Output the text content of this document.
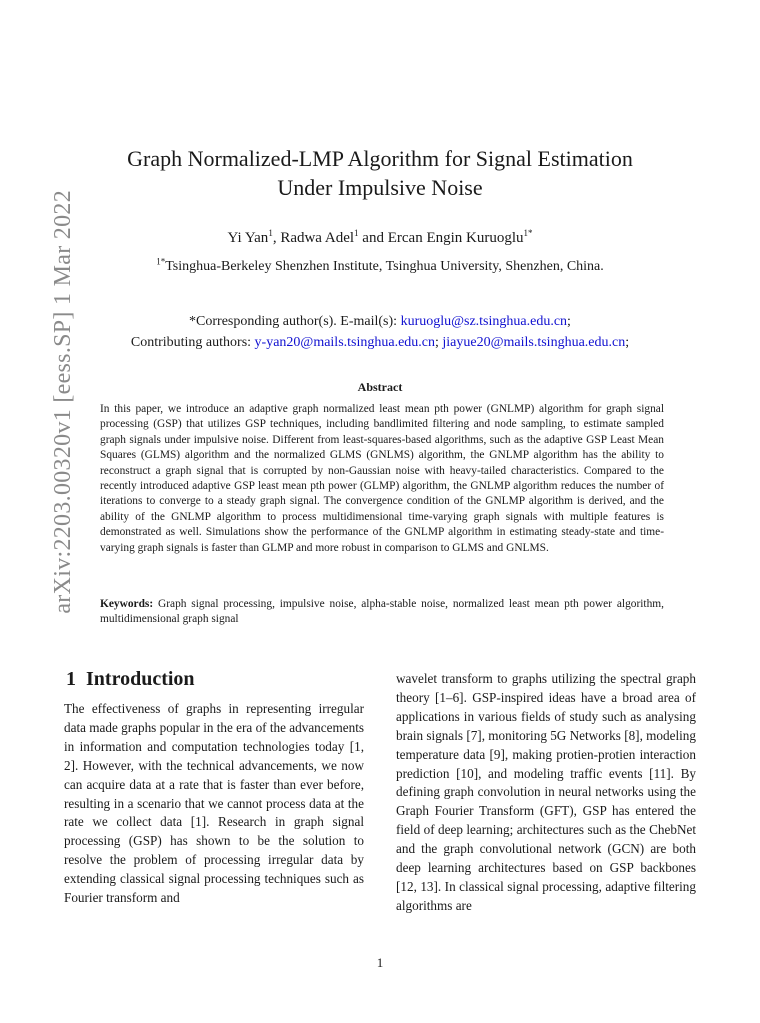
arXiv:2203.00320v1 [eess.SP] 1 Mar 2022
Graph Normalized-LMP Algorithm for Signal Estimation
Under Impulsive Noise
Yi Yan$^1$, Radwa Adel$^1$ and Ercan Engin Kuruoglu$^{1*}$
$^{1*}$Tsinghua-Berkeley Shenzhen Institute, Tsinghua University, Shenzhen, China.
*Corresponding author(s). E-mail(s): kuruoglu@sz.tsinghua.edu.cn;
Contributing authors: y-yan20@mails.tsinghua.edu.cn; jiayue20@mails.tsinghua.edu.cn;
Abstract
In this paper, we introduce an adaptive graph normalized least mean pth power (GNLMP) algorithm for graph signal processing (GSP) that utilizes GSP techniques, including bandlimited filtering and node sampling, to estimate sampled graph signals under impulsive noise. Different from least-squares-based algorithms, such as the adaptive GSP Least Mean Squares (GLMS) algorithm and the normalized GLMS (GNLMS) algorithm, the GNLMP algorithm has the ability to reconstruct a graph signal that is corrupted by non-Gaussian noise with heavy-tailed characteristics. Compared to the recently introduced adaptive GSP least mean pth power (GLMP) algorithm, the GNLMP algorithm reduces the number of iterations to converge to a steady graph signal. The convergence condition of the GNLMP algorithm is derived, and the ability of the GNLMP algorithm to process multidimensional time-varying graph signals with multiple features is demonstrated as well. Simulations show the performance of the GNLMP algorithm in estimating steady-state and time-varying graph signals is faster than GLMP and more robust in comparison to GLMS and GNLMS.
Keywords: Graph signal processing, impulsive noise, alpha-stable noise, normalized least mean pth power algorithm, multidimensional graph signal
1 Introduction
The effectiveness of graphs in representing irregular data made graphs popular in the era of the advancements in information and computation technologies today [1, 2]. However, with the technical advancements, we now can acquire data at a rate that is faster than ever before, resulting in a scenario that we cannot process data at the rate we collect data [1]. Research in graph signal processing (GSP) has shown to be the solution to resolve the problem of processing irregular data by extending classical signal processing techniques such as Fourier transform and
wavelet transform to graphs utilizing the spectral graph theory [1–6]. GSP-inspired ideas have a broad area of applications in various fields of study such as analysing brain signals [7], monitoring 5G Networks [8], modeling temperature data [9], making protien-protien interaction prediction [10], and modeling traffic events [11]. By defining graph convolution in neural networks using the Graph Fourier Transform (GFT), GSP has entered the field of deep learning; architectures such as the ChebNet and the graph convolutional network (GCN) are both deep learning architectures based on GSP backbones [12, 13]. In classical signal processing, adaptive filtering algorithms are
1
